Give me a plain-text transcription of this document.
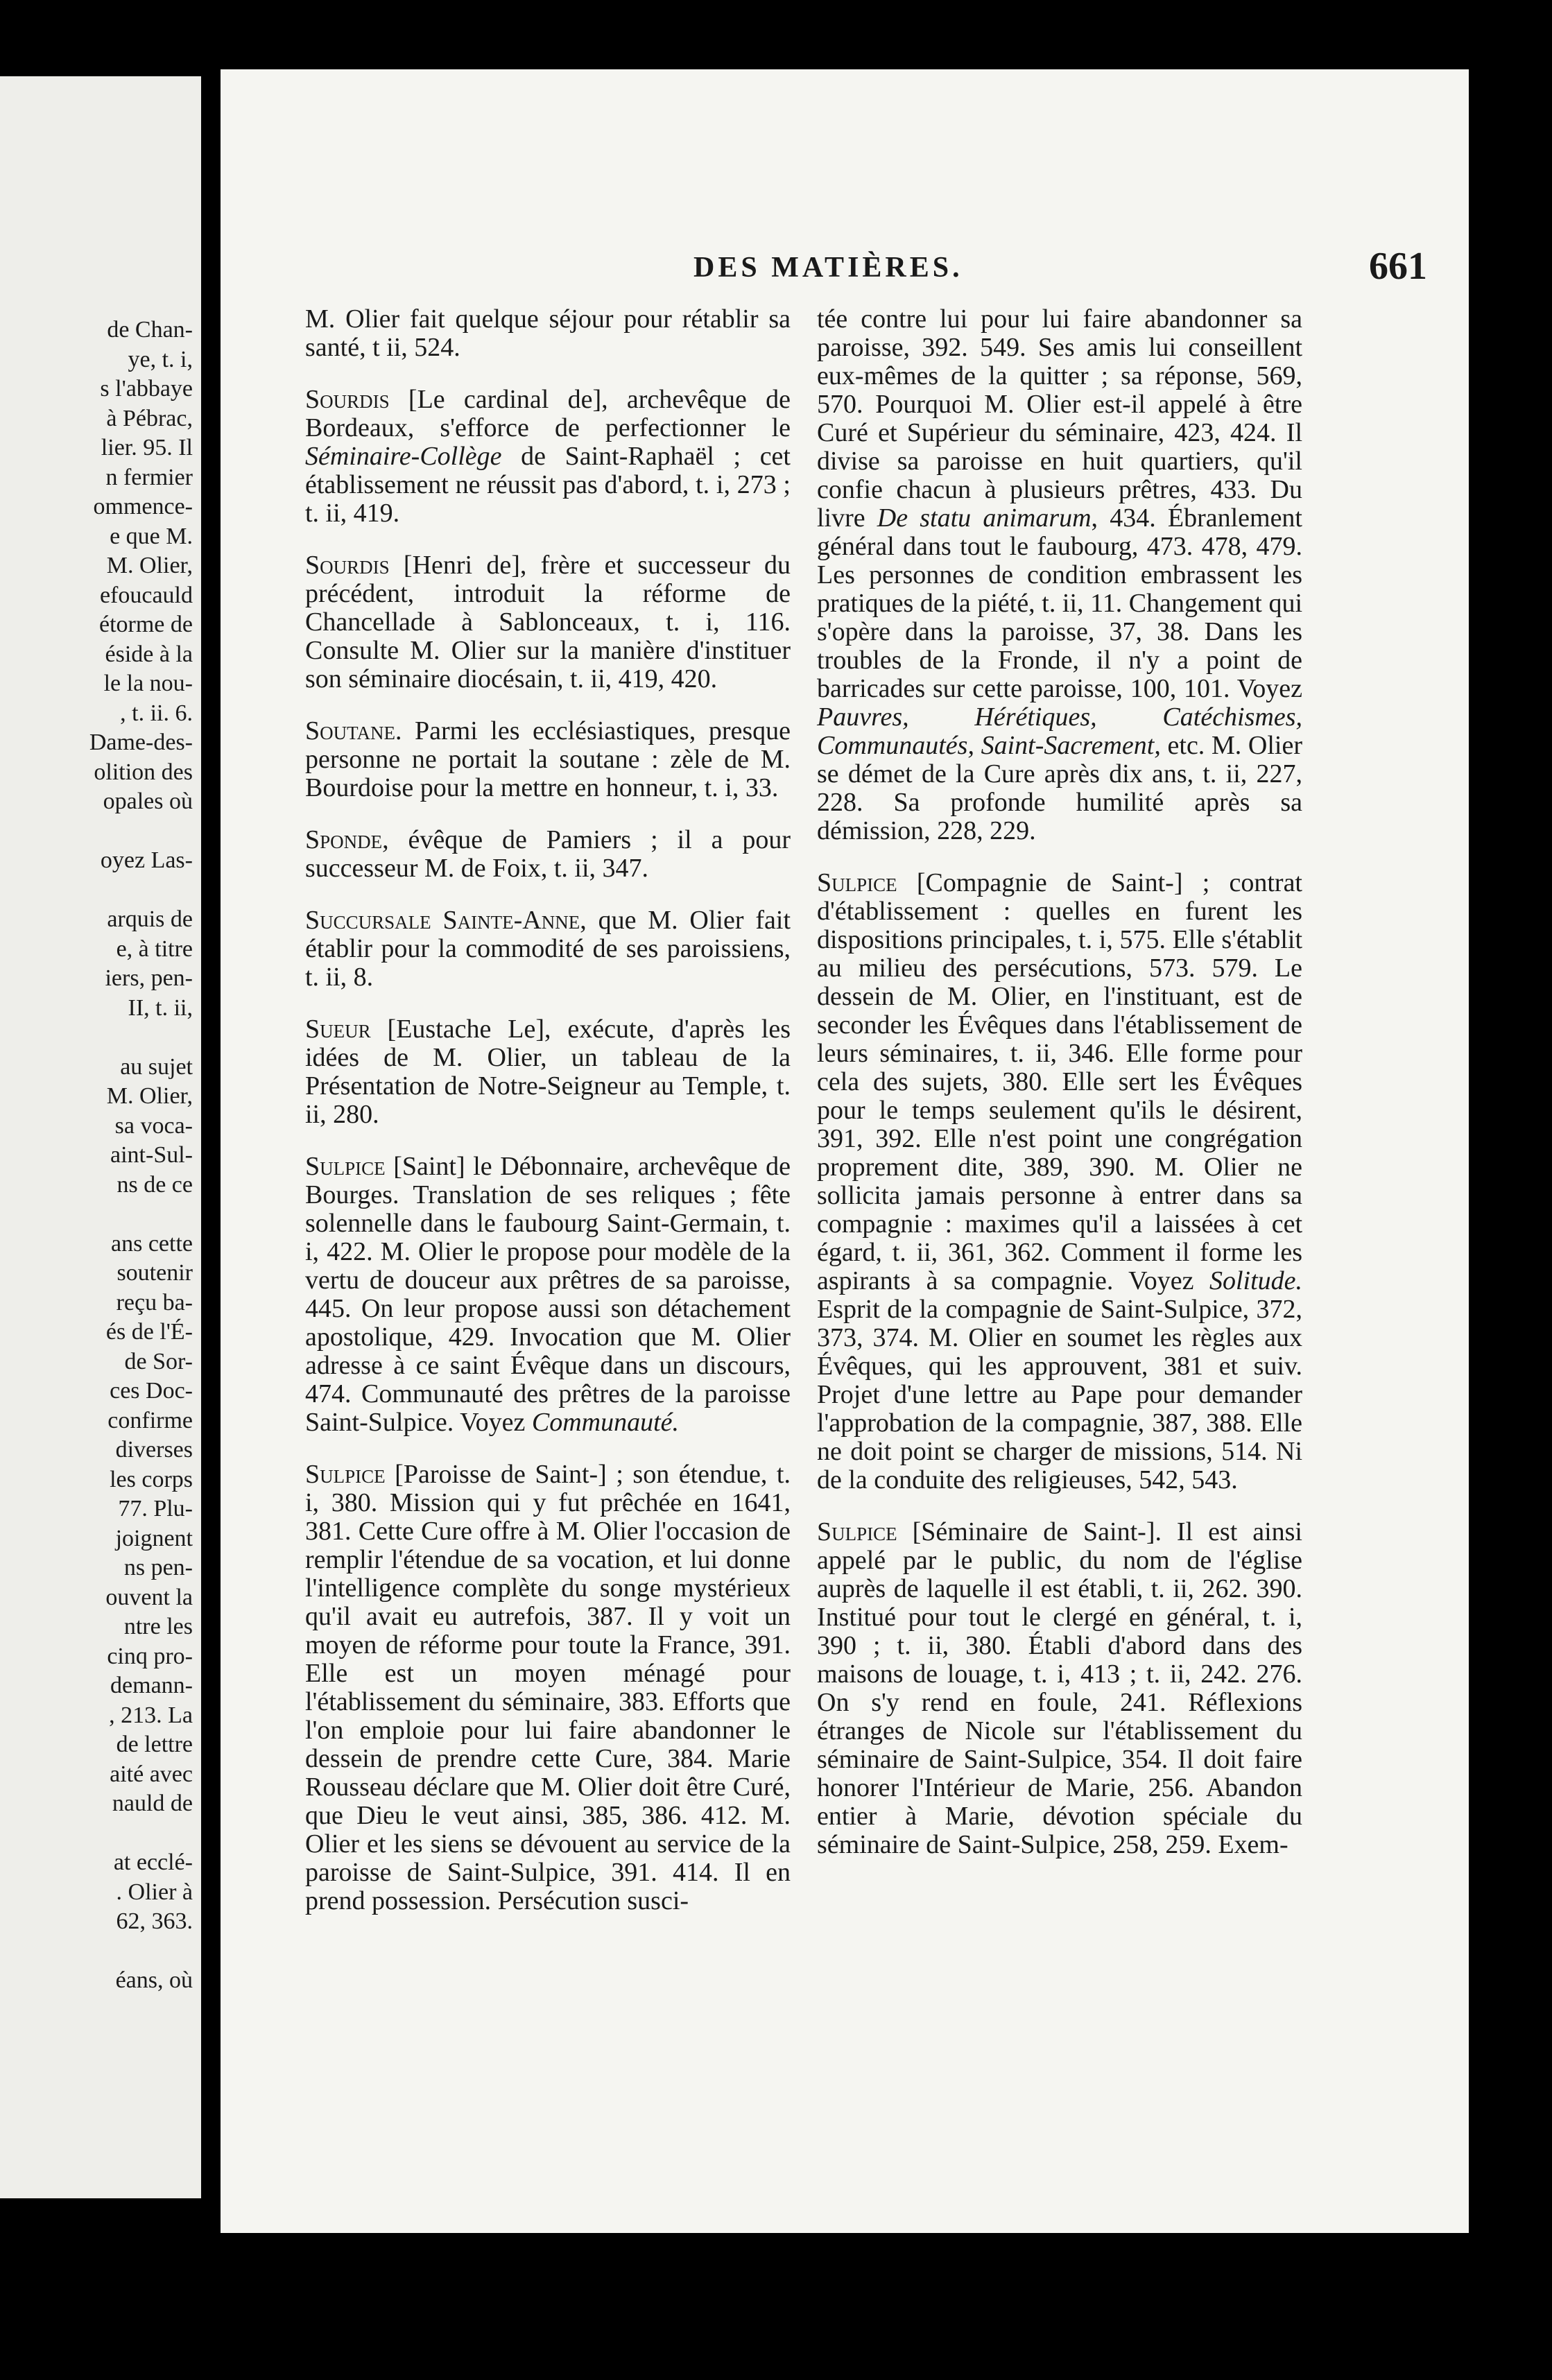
de Chan-
ye, t. i,
s l'abbaye
à Pébrac,
lier. 95. Il
n fermier
ommence-
e que M.
M. Olier,
efoucauld
étorme de
éside à la
le la nou-
, t. ii. 6.
Dame-des-
olition des
opales où
oyez Las-
arquis de
e, à titre
iers, pen-
II, t. ii,
au sujet
M. Olier,
sa voca-
aint-Sul-
ns de ce
ans cette
soutenir
reçu ba-
és de l'É-
de Sor-
ces Doc-
confirme
diverses
les corps
77. Plu-
joignent
ns pen-
ouvent la
ntre les
cinq pro-
demann-
, 213. La
de lettre
aité avec
nauld de
at ecclé-
. Olier à
62, 363.
éans, où
DES MATIÈRES.	661

M. Olier fait quelque séjour pour rétablir sa santé, t ii, 524.

Sourdis [Le cardinal de], archevêque de Bordeaux, s'efforce de perfectionner le Séminaire-Collège de Saint-Raphaël ; cet établissement ne réussit pas d'abord, t. i, 273 ; t. ii, 419.

Sourdis [Henri de], frère et successeur du précédent, introduit la réforme de Chancellade à Sablonceaux, t. i, 116. Consulte M. Olier sur la manière d'instituer son séminaire diocésain, t. ii, 419, 420.

Soutane. Parmi les ecclésiastiques, presque personne ne portait la soutane : zèle de M. Bourdoise pour la mettre en honneur, t. i, 33.

Sponde, évêque de Pamiers ; il a pour successeur M. de Foix, t. ii, 347.

Succursale Sainte-Anne, que M. Olier fait établir pour la commodité de ses paroissiens, t. ii, 8.

Sueur [Eustache Le], exécute, d'après les idées de M. Olier, un tableau de la Présentation de Notre-Seigneur au Temple, t. ii, 280.

Sulpice [Saint] le Débonnaire, archevêque de Bourges. Translation de ses reliques ; fête solennelle dans le faubourg Saint-Germain, t. i, 422. M. Olier le propose pour modèle de la vertu de douceur aux prêtres de sa paroisse, 445. On leur propose aussi son détachement apostolique, 429. Invocation que M. Olier adresse à ce saint Évêque dans un discours, 474. Communauté des prêtres de la paroisse Saint-Sulpice. Voyez Communauté.

Sulpice [Paroisse de Saint-] ; son étendue, t. i, 380. Mission qui y fut prêchée en 1641, 381. Cette Cure offre à M. Olier l'occasion de remplir l'étendue de sa vocation, et lui donne l'intelligence complète du songe mystérieux qu'il avait eu autrefois, 387. Il y voit un moyen de réforme pour toute la France, 391. Elle est un moyen ménagé pour l'établissement du séminaire, 383. Efforts que l'on emploie pour lui faire abandonner le dessein de prendre cette Cure, 384. Marie Rousseau déclare que M. Olier doit être Curé, que Dieu le veut ainsi, 385, 386. 412. M. Olier et les siens se dévouent au service de la paroisse de Saint-Sulpice, 391. 414. Il en prend possession. Persécution susci-

tée contre lui pour lui faire abandonner sa paroisse, 392. 549. Ses amis lui conseillent eux-mêmes de la quitter ; sa réponse, 569, 570. Pourquoi M. Olier est-il appelé à être Curé et Supérieur du séminaire, 423, 424. Il divise sa paroisse en huit quartiers, qu'il confie chacun à plusieurs prêtres, 433. Du livre De statu animarum, 434. Ébranlement général dans tout le faubourg, 473. 478, 479. Les personnes de condition embrassent les pratiques de la piété, t. ii, 11. Changement qui s'opère dans la paroisse, 37, 38. Dans les troubles de la Fronde, il n'y a point de barricades sur cette paroisse, 100, 101. Voyez Pauvres, Hérétiques, Catéchismes, Communautés, Saint-Sacrement, etc. M. Olier se démet de la Cure après dix ans, t. ii, 227, 228. Sa profonde humilité après sa démission, 228, 229.

Sulpice [Compagnie de Saint-] ; contrat d'établissement : quelles en furent les dispositions principales, t. i, 575. Elle s'établit au milieu des persécutions, 573. 579. Le dessein de M. Olier, en l'instituant, est de seconder les Évêques dans l'établissement de leurs séminaires, t. ii, 346. Elle forme pour cela des sujets, 380. Elle sert les Évêques pour le temps seulement qu'ils le désirent, 391, 392. Elle n'est point une congrégation proprement dite, 389, 390. M. Olier ne sollicita jamais personne à entrer dans sa compagnie : maximes qu'il a laissées à cet égard, t. ii, 361, 362. Comment il forme les aspirants à sa compagnie. Voyez Solitude. Esprit de la compagnie de Saint-Sulpice, 372, 373, 374. M. Olier en soumet les règles aux Évêques, qui les approuvent, 381 et suiv. Projet d'une lettre au Pape pour demander l'approbation de la compagnie, 387, 388. Elle ne doit point se charger de missions, 514. Ni de la conduite des religieuses, 542, 543.

Sulpice [Séminaire de Saint-]. Il est ainsi appelé par le public, du nom de l'église auprès de laquelle il est établi, t. ii, 262. 390. Institué pour tout le clergé en général, t. i, 390 ; t. ii, 380. Établi d'abord dans des maisons de louage, t. i, 413 ; t. ii, 242. 276. On s'y rend en foule, 241. Réflexions étranges de Nicole sur l'établissement du séminaire de Saint-Sulpice, 354. Il doit faire honorer l'Intérieur de Marie, 256. Abandon entier à Marie, dévotion spéciale du séminaire de Saint-Sulpice, 258, 259. Exem-
